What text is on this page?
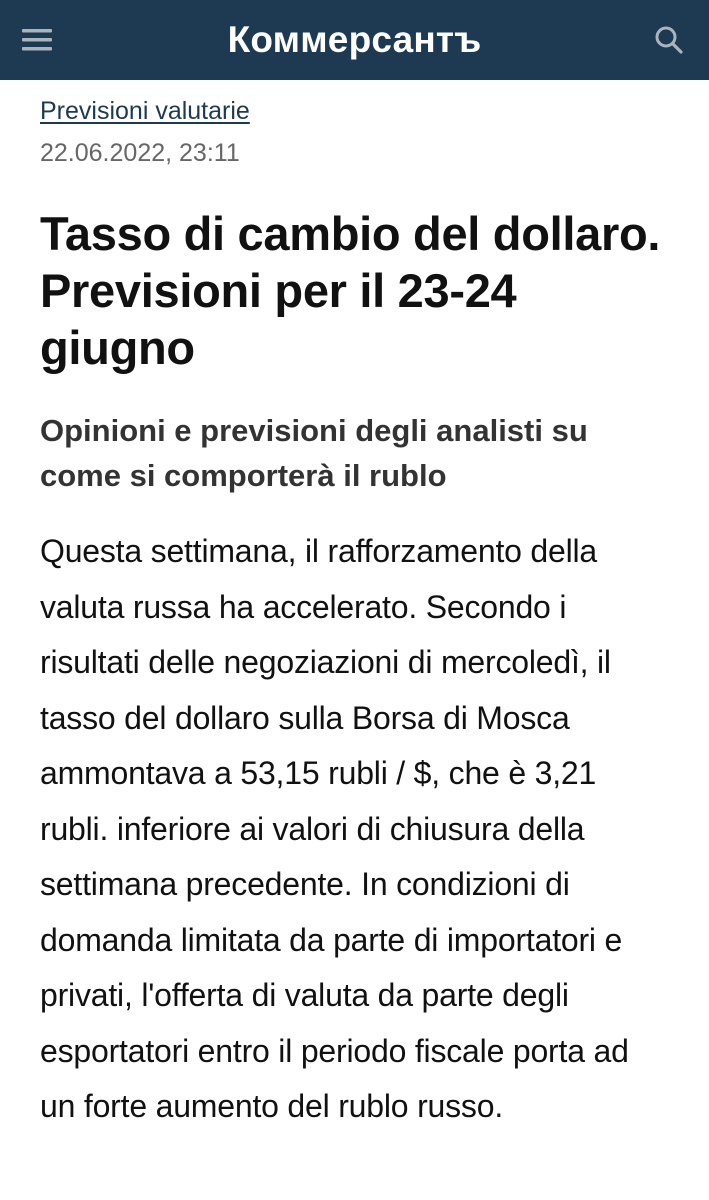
Коммерсантъ
Previsioni valutarie
22.06.2022, 23:11
Tasso di cambio del dollaro. Previsioni per il 23-24 giugno
Opinioni e previsioni degli analisti su come si comporterà il rublo

Questa settimana, il rafforzamento della valuta russa ha accelerato. Secondo i risultati delle negoziazioni di mercoledì, il tasso del dollaro sulla Borsa di Mosca ammontava a 53,15 rubli / $, che è 3,21 rubli. inferiore ai valori di chiusura della settimana precedente. In condizioni di domanda limitata da parte di importatori e privati, l'offerta di valuta da parte degli esportatori entro il periodo fiscale porta ad un forte aumento del rublo russo.
